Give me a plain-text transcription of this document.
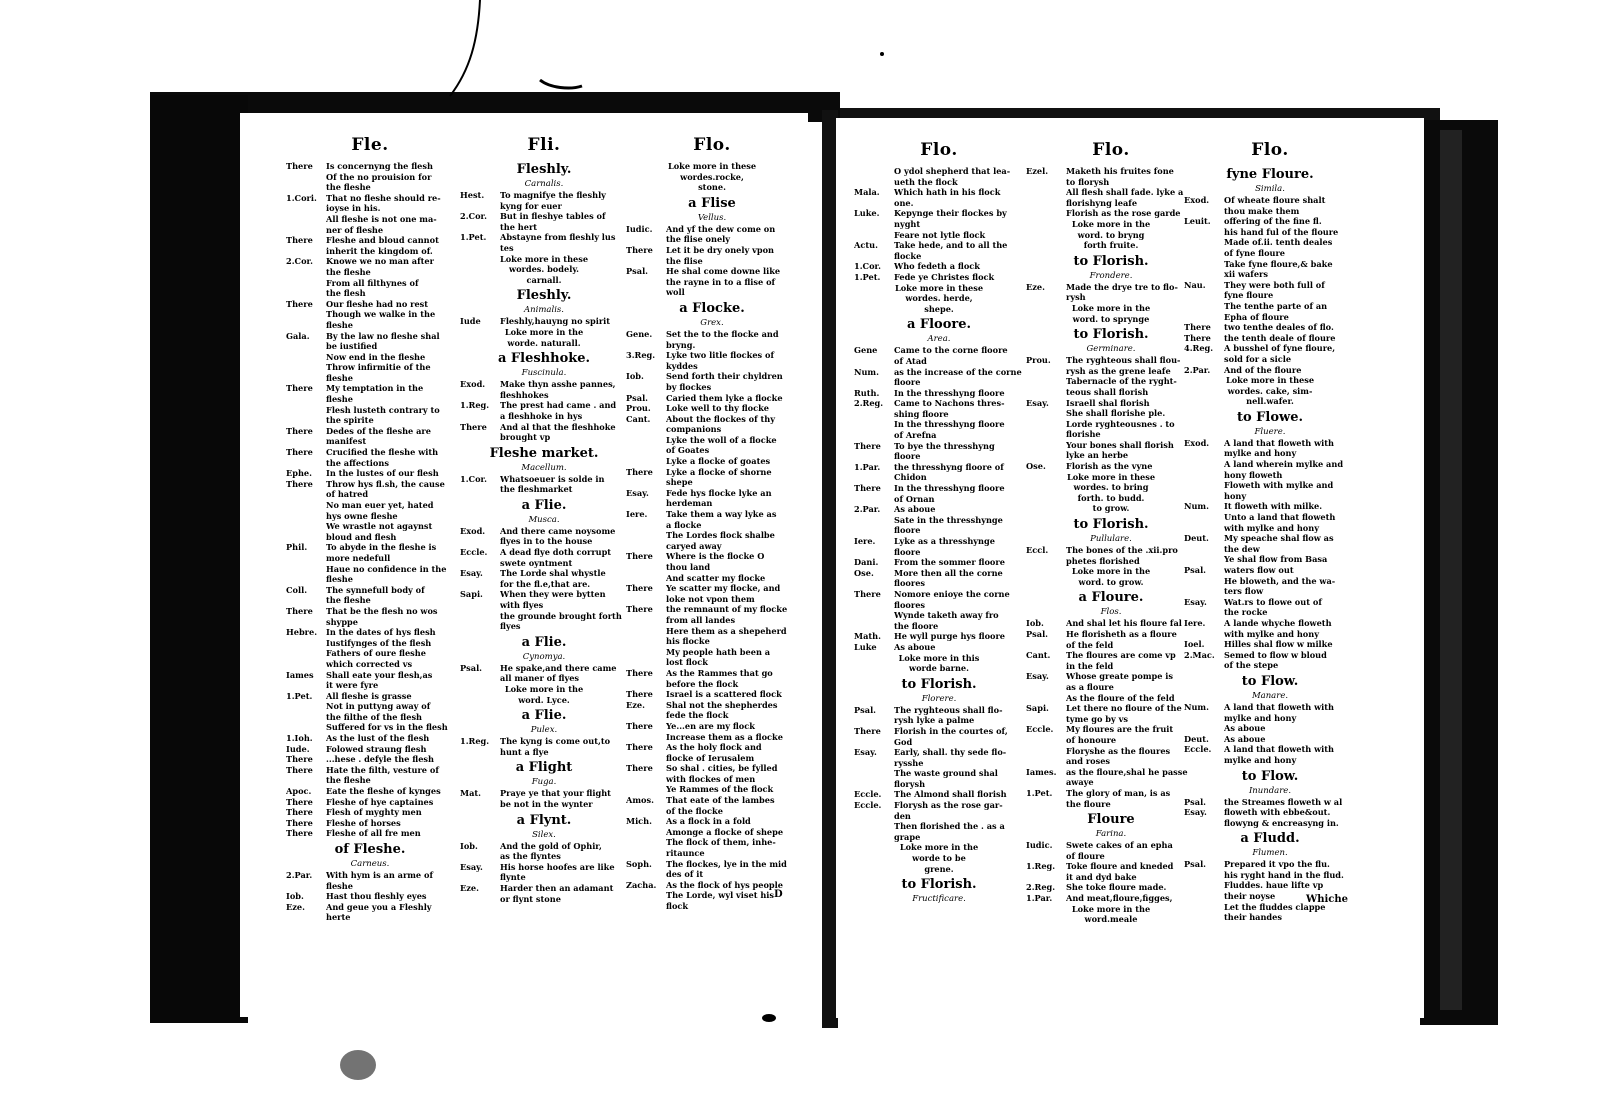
Fle.
There	Is concernyng the flesh
Of the no prouision for
the fleshe
1.Cori.	That no fleshe should re-
ioyse in his.
All fleshe is not one ma-
ner of fleshe
There	Fleshe and bloud cannot
inherit the kingdom of.
2.Cor.	Knowe we no man after
the fleshe
From all filthynes of
the flesh
There	Our fleshe had no rest
Though we walke in the
fleshe
Gala.	By the law no fleshe shal
be iustified
Now end in the fleshe
Throw infirmitie of the
fleshe
There	My temptation in the
fleshe
Flesh lusteth contrary to
the spirite
There	Dedes of the fleshe are
manifest
There	Crucified the fleshe with
the affections
Ephe.	In the lustes of our flesh
There	Throw hys fl.sh, the cause
of hatred
No man euer yet, hated
hys owne fleshe
We wrastle not agaynst
bloud and flesh
Phil.	To abyde in the fleshe is
more nedefull
Haue no confidence in the
fleshe
Coll.	The synnefull body of
the fleshe
There	That be the flesh no wos
shyppe
Hebre.	In the dates of hys flesh
Iustifynges of the flesh
Fathers of oure fleshe
which corrected vs
Iames	Shall eate your flesh,as
it were fyre
1.Pet.	All fleshe is grasse
Not in puttyng away of
the filthe of the flesh
Suffered for vs in the flesh
1.Ioh.	As the lust of the flesh
Iude.	Folowed straung flesh
There	...hese . defyle the flesh
There	Hate the filth, vesture of
the fleshe
Apoc.	Eate the fleshe of kynges
There	Fleshe of hye captaines
There	Flesh of myghty men
There	Fleshe of horses
There	Fleshe of all fre men
of Fleshe.
Carneus.
2.Par.	With hym is an arme of
fleshe
Iob.	Hast thou fleshly eyes
Eze.	And geue you a Fleshly
herte
Fli.
Fleshly.
Carnalis.
Hest.	To magnifye the fleshly
kyng for euer
2.Cor.	But in fleshye tables of
the hert
1.Pet.	Abstayne from fleshly lus
tes
Loke more in these
wordes. bodely.
carnall.
Fleshly.
Animalis.
Iude	Fleshly,hauyng no spirit
Loke more in the
worde. naturall.
a Fleshhoke.
Fuscinula.
Exod.	Make thyn asshe pannes,
fleshhokes
1.Reg.	The prest had came . and
a fleshhoke in hys
There	And al that the fleshhoke
brought vp
Fleshe market.
Macellum.
1.Cor.	Whatsoeuer is solde in
the fleshmarket
a Flie.
Musca.
Exod.	And there came noysome
flyes in to the house
Eccle.	A dead flye doth corrupt
swete oyntment
Esay.	The Lorde shal whystle
for the fl.e,that are.
Sapi.	When they were bytten
with flyes
the grounde brought forth
flyes
a Flie.
Cynomya.
Psal.	He spake,and there came
all maner of flyes
Loke more in the
word. Lyce.
a Flie.
Pulex.
1.Reg.	The kyng is come out,to
hunt a flye
a Flight
Fuga.
Mat.	Praye ye that your flight
be not in the wynter
a Flynt.
Silex.
Iob.	And the gold of Ophir,
as the flyntes
Esay.	His horse hoofes are like
flynte
Eze.	Harder then an adamant
or flynt stone
Flo.
Loke more in these
wordes.rocke,
stone.
a Flise
Vellus.
Iudic.	And yf the dew come on
the flise onely
There	Let it be dry onely vpon
the flise
Psal.	He shal come downe like
the rayne in to a flise of
woll
a Flocke.
Grex.
Gene.	Set the to the flocke and
bryng.
3.Reg.	Lyke two litle flockes of
kyddes
Iob.	Send forth their chyldren
by flockes
Psal.	Caried them lyke a flocke
Prou.	Loke well to thy flocke
Cant.	About the flockes of thy
companions
Lyke the woll of a flocke
of Goates
Lyke a flocke of goates
There	Lyke a flocke of shorne
shepe
Esay.	Fede hys flocke lyke an
herdeman
Iere.	Take them a way lyke as
a flocke
The Lordes flock shalbe
caryed away
There	Where is the flocke O
thou land
And scatter my flocke
There	Ye scatter my flocke, and
loke not vpon them
There	the remnaunt of my flocke
from all landes
Here them as a shepeherd
his flocke
My people hath been a
lost flock
There	As the Rammes that go
before the flock
There	Israel is a scattered flock
Eze.	Shal not the shepherdes
fede the flock
There	Ye...en are my flock
Increase them as a flocke
There	As the holy flock and
flocke of Ierusalem
There	So shal . cities, be fylled
with flockes of men
Ye Rammes of the flock
Amos.	That eate of the lambes
of the flocke
Mich.	As a flock in a fold
Amonge a flocke of shepe
The flock of them, inhe-
ritaunce
Soph.	The flockes, lye in the mid
des of it
Zacha.	As the flock of hys people
The Lorde, wyl viset his
flock
D
Flo.
O ydol shepherd that lea-
ueth the flock
Mala.	Which hath in his flock
one.
Luke.	Kepynge their flockes by
nyght
Feare not lytle flock
Actu.	Take hede, and to all the
flocke
1.Cor.	Who fedeth a flock
1.Pet.	Fede ye Christes flock
Loke more in these
wordes. herde,
shepe.
a Floore.
Area.
Gene	Came to the corne floore
of Atad
Num.	as the increase of the corne
floore
Ruth.	In the thresshyng floore
2.Reg.	Came to Nachons thres-
shing floore
In the thresshyng floore
of Arefna
There	To bye the thresshyng
floore
1.Par.	the thresshyng floore of
Chidon
There	In the thresshyng floore
of Ornan
2.Par.	As aboue
Sate in the thresshynge
floore
Iere.	Lyke as a thresshynge
floore
Dani.	From the sommer floore
Ose.	More then all the corne
floores
There	Nomore enioye the corne
floores
Wynde taketh away fro
the floore
Math.	He wyll purge hys floore
Luke	As aboue
Loke more in this
worde barne.
to Florish.
Florere.
Psal.	The ryghteous shall flo-
rysh lyke a palme
There	Florish in the courtes of,
God
Esay.	Early, shall. thy sede flo-
rysshe
The waste ground shal
florysh
Eccle.	The Almond shall florish
Eccle.	Florysh as the rose gar-
den
Then florished the . as a
grape
Loke more in the
worde to be
grene.
to Florish.
Fructificare.
Flo.
Ezel.	Maketh his fruites fone
to florysh
All flesh shall fade. lyke a
florishyng leafe
Florish as the rose garde
Loke more in the
word. to bryng
forth fruite.
to Florish.
Frondere.
Eze.	Made the drye tre to flo-
rysh
Loke more in the
word. to sprynge
to Florish.
Germinare.
Prou.	The ryghteous shall flou-
rysh as the grene leafe
Tabernacle of the ryght-
teous shall florish
Esay.	Israell shal florish
She shall florishe ple.
Lorde ryghteousnes . to
florishe
Your bones shall florish
lyke an herbe
Ose.	Florish as the vyne
Loke more in these
wordes. to bring
forth. to budd.
to grow.
to Florish.
Pullulare.
Eccl.	The bones of the .xii.pro
phetes florished
Loke more in the
word. to grow.
a Floure.
Flos.
Iob.	And shal let his floure fal
Psal.	He florisheth as a floure
of the feld
Cant.	The floures are come vp
in the feld
Esay.	Whose greate pompe is
as a floure
As the floure of the feld
Sapi.	Let there no floure of the
tyme go by vs
Eccle.	My floures are the fruit
of honoure
Floryshe as the floures
and roses
Iames.	as the floure,shal he passe
awaye
1.Pet.	The glory of man, is as
the floure
Floure
Farina.
Iudic.	Swete cakes of an epha
of floure
1.Reg.	Toke floure and kneded
it and dyd bake
2.Reg.	She toke floure made.
1.Par.	And meat,floure,figges,
Loke more in the
word.meale
Flo.
fyne Floure.
Simila.
Exod.	Of wheate floure shalt
thou make them
Leuit.	offering of the fine fl.
his hand ful of the floure
Made of.ii. tenth deales
of fyne floure
Take fyne floure,& bake
xii wafers
Nau.	They were both full of
fyne floure
The tenthe parte of an
Epha of floure
There	two tenthe deales of flo.
There	the tenth deale of floure
4.Reg.	A busshel of fyne floure,
sold for a sicle
2.Par.	And of the floure
Loke more in these
wordes. cake, sim-
nell.wafer.
to Flowe.
Fluere.
Exod.	A land that floweth with
mylke and hony
A land wherein mylke and
hony floweth
Floweth with mylke and
hony
Num.	It floweth with milke.
Unto a land that floweth
with mylke and hony
Deut.	My speache shal flow as
the dew
Ye shal flow from Basa
Psal.	waters flow out
He bloweth, and the wa-
ters flow
Esay.	Wat.rs to flowe out of
the rocke
Iere.	A lande whyche floweth
with mylke and hony
Ioel.	Hilles shal flow w milke
2.Mac.	Semed to flow w bloud
of the stepe
to Flow.
Manare.
Num.	A land that floweth with
mylke and hony
As aboue
Deut.	As aboue
Eccle.	A land that floweth with
mylke and hony
to Flow.
Inundare.
Psal.	the Streames floweth w al
Esay.	floweth with ebbe&out.
flowyng & encreasyng in.
a Fludd.
Flumen.
Psal.	Prepared it vpo the flu.
his ryght hand in the flud.
Fluddes. haue lifte vp
their noyse
Let the fluddes clappe
their handes
Whiche
